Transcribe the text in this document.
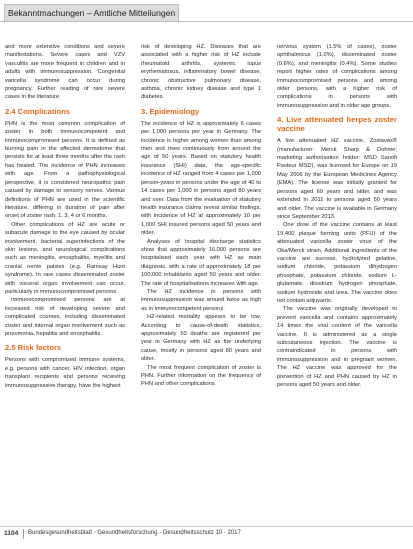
Bekanntmachungen – Amtliche Mitteilungen

and more extensive conditions and severe manifestations. Severe cases and VZV vasculitis are more frequent in children and in adults with immunosuppression. Congenital varicella syndrome can occur during pregnancy. Further reading of rare severe cases in the literature.

2.4 Complications

PHN is the most common complication of zoster in both immunocompetent and immunocompromised persons. It is defined as burning pain in the affected dermatome that persists for at least three months after the rash has healed. The incidence of PHN increases with age. From a pathophysiological perspective, it is considered neuropathic pain caused by damage to sensory nerves. Various definitions of PHN are used in the scientific literature, differing in duration of pain after onset of zoster rash: 1, 3, 4 or 6 months.

Other complications of HZ are acute or subacute damage to the eye caused by ocular involvement, bacterial superinfections of the skin lesions, and neurological complications such as meningitis, encephalitis, myelitis and cranial nerve palsies (e.g. Ramsay Hunt syndrome). In rare cases disseminated zoster with visceral organ involvement can occur, particularly in immunocompromised persons.

Immunocompromised persons are at increased risk of developing severe and complicated courses, including disseminated zoster and internal organ involvement such as pneumonia, hepatitis and encephalitis.

2.5 Risk factors

Persons with compromised immune systems, e.g. persons with cancer, HIV infection, organ transplant recipients and persons receiving immunosuppressive therapy, have the highest

risk of developing HZ. Diseases that are associated with a higher risk of HZ include rheumatoid arthritis, systemic lupus erythematosus, inflammatory bowel disease, chronic obstructive pulmonary disease, asthma, chronic kidney disease and type 1 diabetes.

3. Epidemiology

The incidence of HZ is approximately 6 cases per 1,000 persons per year in Germany. The incidence is higher among women than among men and rises continuously from around the age of 50 years. Based on statutory health insurance (SHI) data, the age-specific incidence of HZ ranged from 4 cases per 1,000 person-years in persons under the age of 40 to 14 cases per 1,000 in persons aged 80 years and over. Data from the evaluation of statutory health insurance claims reveal similar findings, with incidence of HZ at approximately 10 per 1,000 SHI insured persons aged 50 years and older.

Analyses of hospital discharge statistics show that approximately 16,000 persons are hospitalised each year with HZ as main diagnosis, with a rate of approximately 18 per 100,000 inhabitants aged 50 years and older. The rate of hospitalisations increases with age.

The HZ incidence in persons with immunosuppression was around twice as high as in immunocompetent persons.

HZ-related mortality appears to be low. According to cause-of-death statistics, approximately 50 deaths are registered per year in Germany with HZ as the underlying cause, mostly in persons aged 80 years and older.

The most frequent complication of zoster is PHN. Further information on the frequency of PHN and other complications

nervous system (1.5% of cases), zoster ophthalmicus (1.0%), disseminated zoster (0.6%), and meningitis (0.4%). Some studies report higher rates of complications among immunocompromised persons and among older persons, with a higher risk of complications in persons with immunosuppression and in older age groups.

4. Live attenuated herpes zoster vaccine

A live attenuated HZ vaccine, Zostavax® (manufacturer: Merck Sharp & Dohme; marketing authorisation holder: MSD Sanofi Pasteur MSD), was licensed for Europe on 19 May 2006 by the European Medicines Agency (EMA). The license was initially granted for persons aged 60 years and older, and was extended in 2011 to persons aged 50 years and older. The vaccine is available in Germany since September 2013.

One dose of the vaccine contains at least 19,400 plaque forming units (PFU) of the attenuated varicella zoster virus of the Oka/Merck strain. Additional ingredients of the vaccine are sucrose, hydrolyzed gelatine, sodium chloride, potassium dihydrogen phosphate, potassium chloride, sodium L-glutamate, disodium hydrogen phosphate, sodium hydroxide and urea. The vaccine does not contain adjuvants.

The vaccine was originally developed to prevent varicella and contains approximately 14 times the viral content of the varicella vaccine. It is administered as a single subcutaneous injection. The vaccine is contraindicated in persons with immunosuppression and in pregnant women. The HZ vaccine was approved for the prevention of HZ and PHN caused by HZ in persons aged 50 years and older.

1104 Bundesgesundheitsblatt - Gesundheitsforschung - Gesundheitsschutz 10 · 2017
